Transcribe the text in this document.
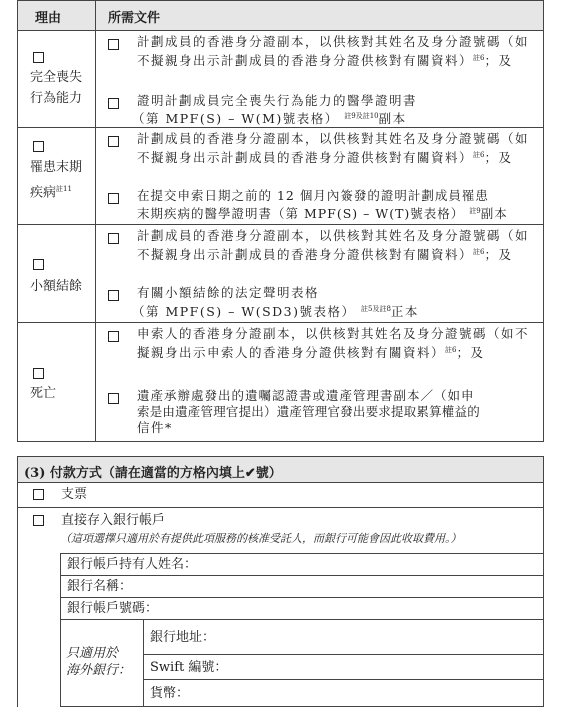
理由	所需文件
完全喪失
行為能力
計劃成員的香港身分證副本，以供核對其姓名及身分證號碼（如不擬親身出示計劃成員的香港身分證供核對有關資料）$^{註6}$；及
證明計劃成員完全喪失行為能力的醫學證明書
（第 MPF(S) – W(M)號表格） $^{註9及註10}$副本
罹患末期
疾病$^{註11}$
計劃成員的香港身分證副本，以供核對其姓名及身分證號碼（如不擬親身出示計劃成員的香港身分證供核對有關資料）$^{註6}$；及
在提交申索日期之前的 12 個月內簽發的證明計劃成員罹患
末期疾病的醫學證明書（第 MPF(S) – W(T)號表格） $^{註9}$副本
小額結餘
計劃成員的香港身分證副本，以供核對其姓名及身分證號碼（如不擬親身出示計劃成員的香港身分證供核對有關資料）$^{註6}$；及
有關小額結餘的法定聲明表格
（第 MPF(S) – W(SD3)號表格） $^{註5及註8}$正本
死亡
申索人的香港身分證副本，以供核對其姓名及身分證號碼（如不擬親身出示申索人的香港身分證供核對有關資料）$^{註6}$；及
遺產承辦處發出的遺囑認證書或遺產管理書副本／（如申
索是由遺產管理官提出）遺產管理官發出要求提取累算權益的
信件*
(3) 付款方式（請在適當的方格內填上✔號）
支票
直接存入銀行帳戶
（這項選擇只適用於有提供此項服務的核准受託人，而銀行可能會因此收取費用。）
銀行帳戶持有人姓名：
銀行名稱：
銀行帳戶號碼：
只適用於
海外銀行：
銀行地址：
Swift 編號：
貨幣：
